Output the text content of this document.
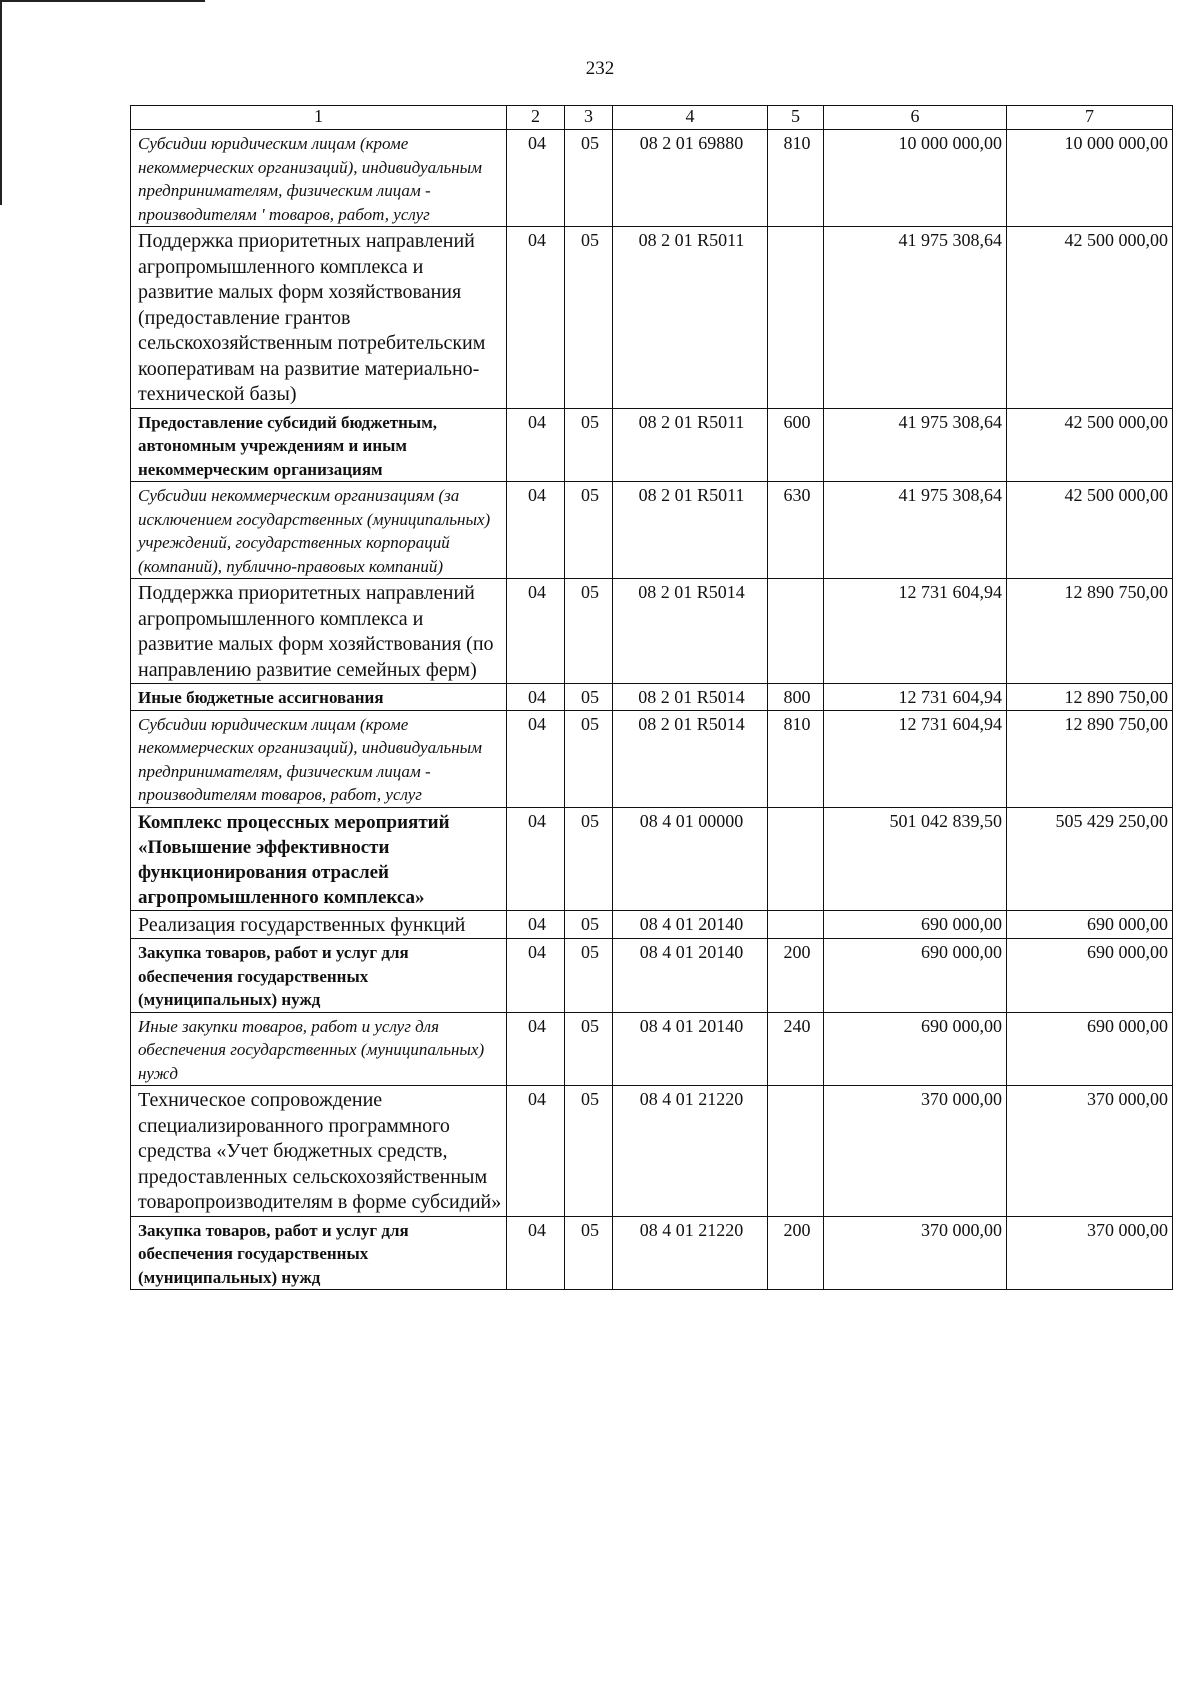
232
1	2	3	4	5	6	7
Субсидии юридическим лицам (кроме некоммерческих организаций), индивидуальным предпринимателям, физическим лицам - производителям ' товаров, работ, услуг	04	05	08 2 01 69880	810	10 000 000,00	10 000 000,00
Поддержка приоритетных направлений агропромышленного комплекса и развитие малых форм хозяйствования (предоставление грантов сельскохозяйственным потребительским кооперативам на развитие материально-технической базы)	04	05	08 2 01 R5011		41 975 308,64	42 500 000,00
Предоставление субсидий бюджетным, автономным учреждениям и иным некоммерческим организациям	04	05	08 2 01 R5011	600	41 975 308,64	42 500 000,00
Субсидии некоммерческим организациям (за исключением государственных (муниципальных) учреждений, государственных корпораций (компаний), публично-правовых компаний)	04	05	08 2 01 R5011	630	41 975 308,64	42 500 000,00
Поддержка приоритетных направлений агропромышленного комплекса и развитие малых форм хозяйствования (по направлению развитие семейных ферм)	04	05	08 2 01 R5014		12 731 604,94	12 890 750,00
Иные бюджетные ассигнования	04	05	08 2 01 R5014	800	12 731 604,94	12 890 750,00
Субсидии юридическим лицам (кроме некоммерческих организаций), индивидуальным предпринимателям, физическим лицам - производителям товаров, работ, услуг	04	05	08 2 01 R5014	810	12 731 604,94	12 890 750,00
Комплекс процессных мероприятий «Повышение эффективности функционирования отраслей агропромышленного комплекса»	04	05	08 4 01 00000		501 042 839,50	505 429 250,00
Реализация государственных функций	04	05	08 4 01 20140		690 000,00	690 000,00
Закупка товаров, работ и услуг для обеспечения государственных (муниципальных) нужд	04	05	08 4 01 20140	200	690 000,00	690 000,00
Иные закупки товаров, работ и услуг для обеспечения государственных (муниципальных) нужд	04	05	08 4 01 20140	240	690 000,00	690 000,00
Техническое сопровождение специализированного программного средства «Учет бюджетных средств, предоставленных сельскохозяйственным товаропроизводителям в форме субсидий»	04	05	08 4 01 21220		370 000,00	370 000,00
Закупка товаров, работ и услуг для обеспечения государственных (муниципальных) нужд	04	05	08 4 01 21220	200	370 000,00	370 000,00
